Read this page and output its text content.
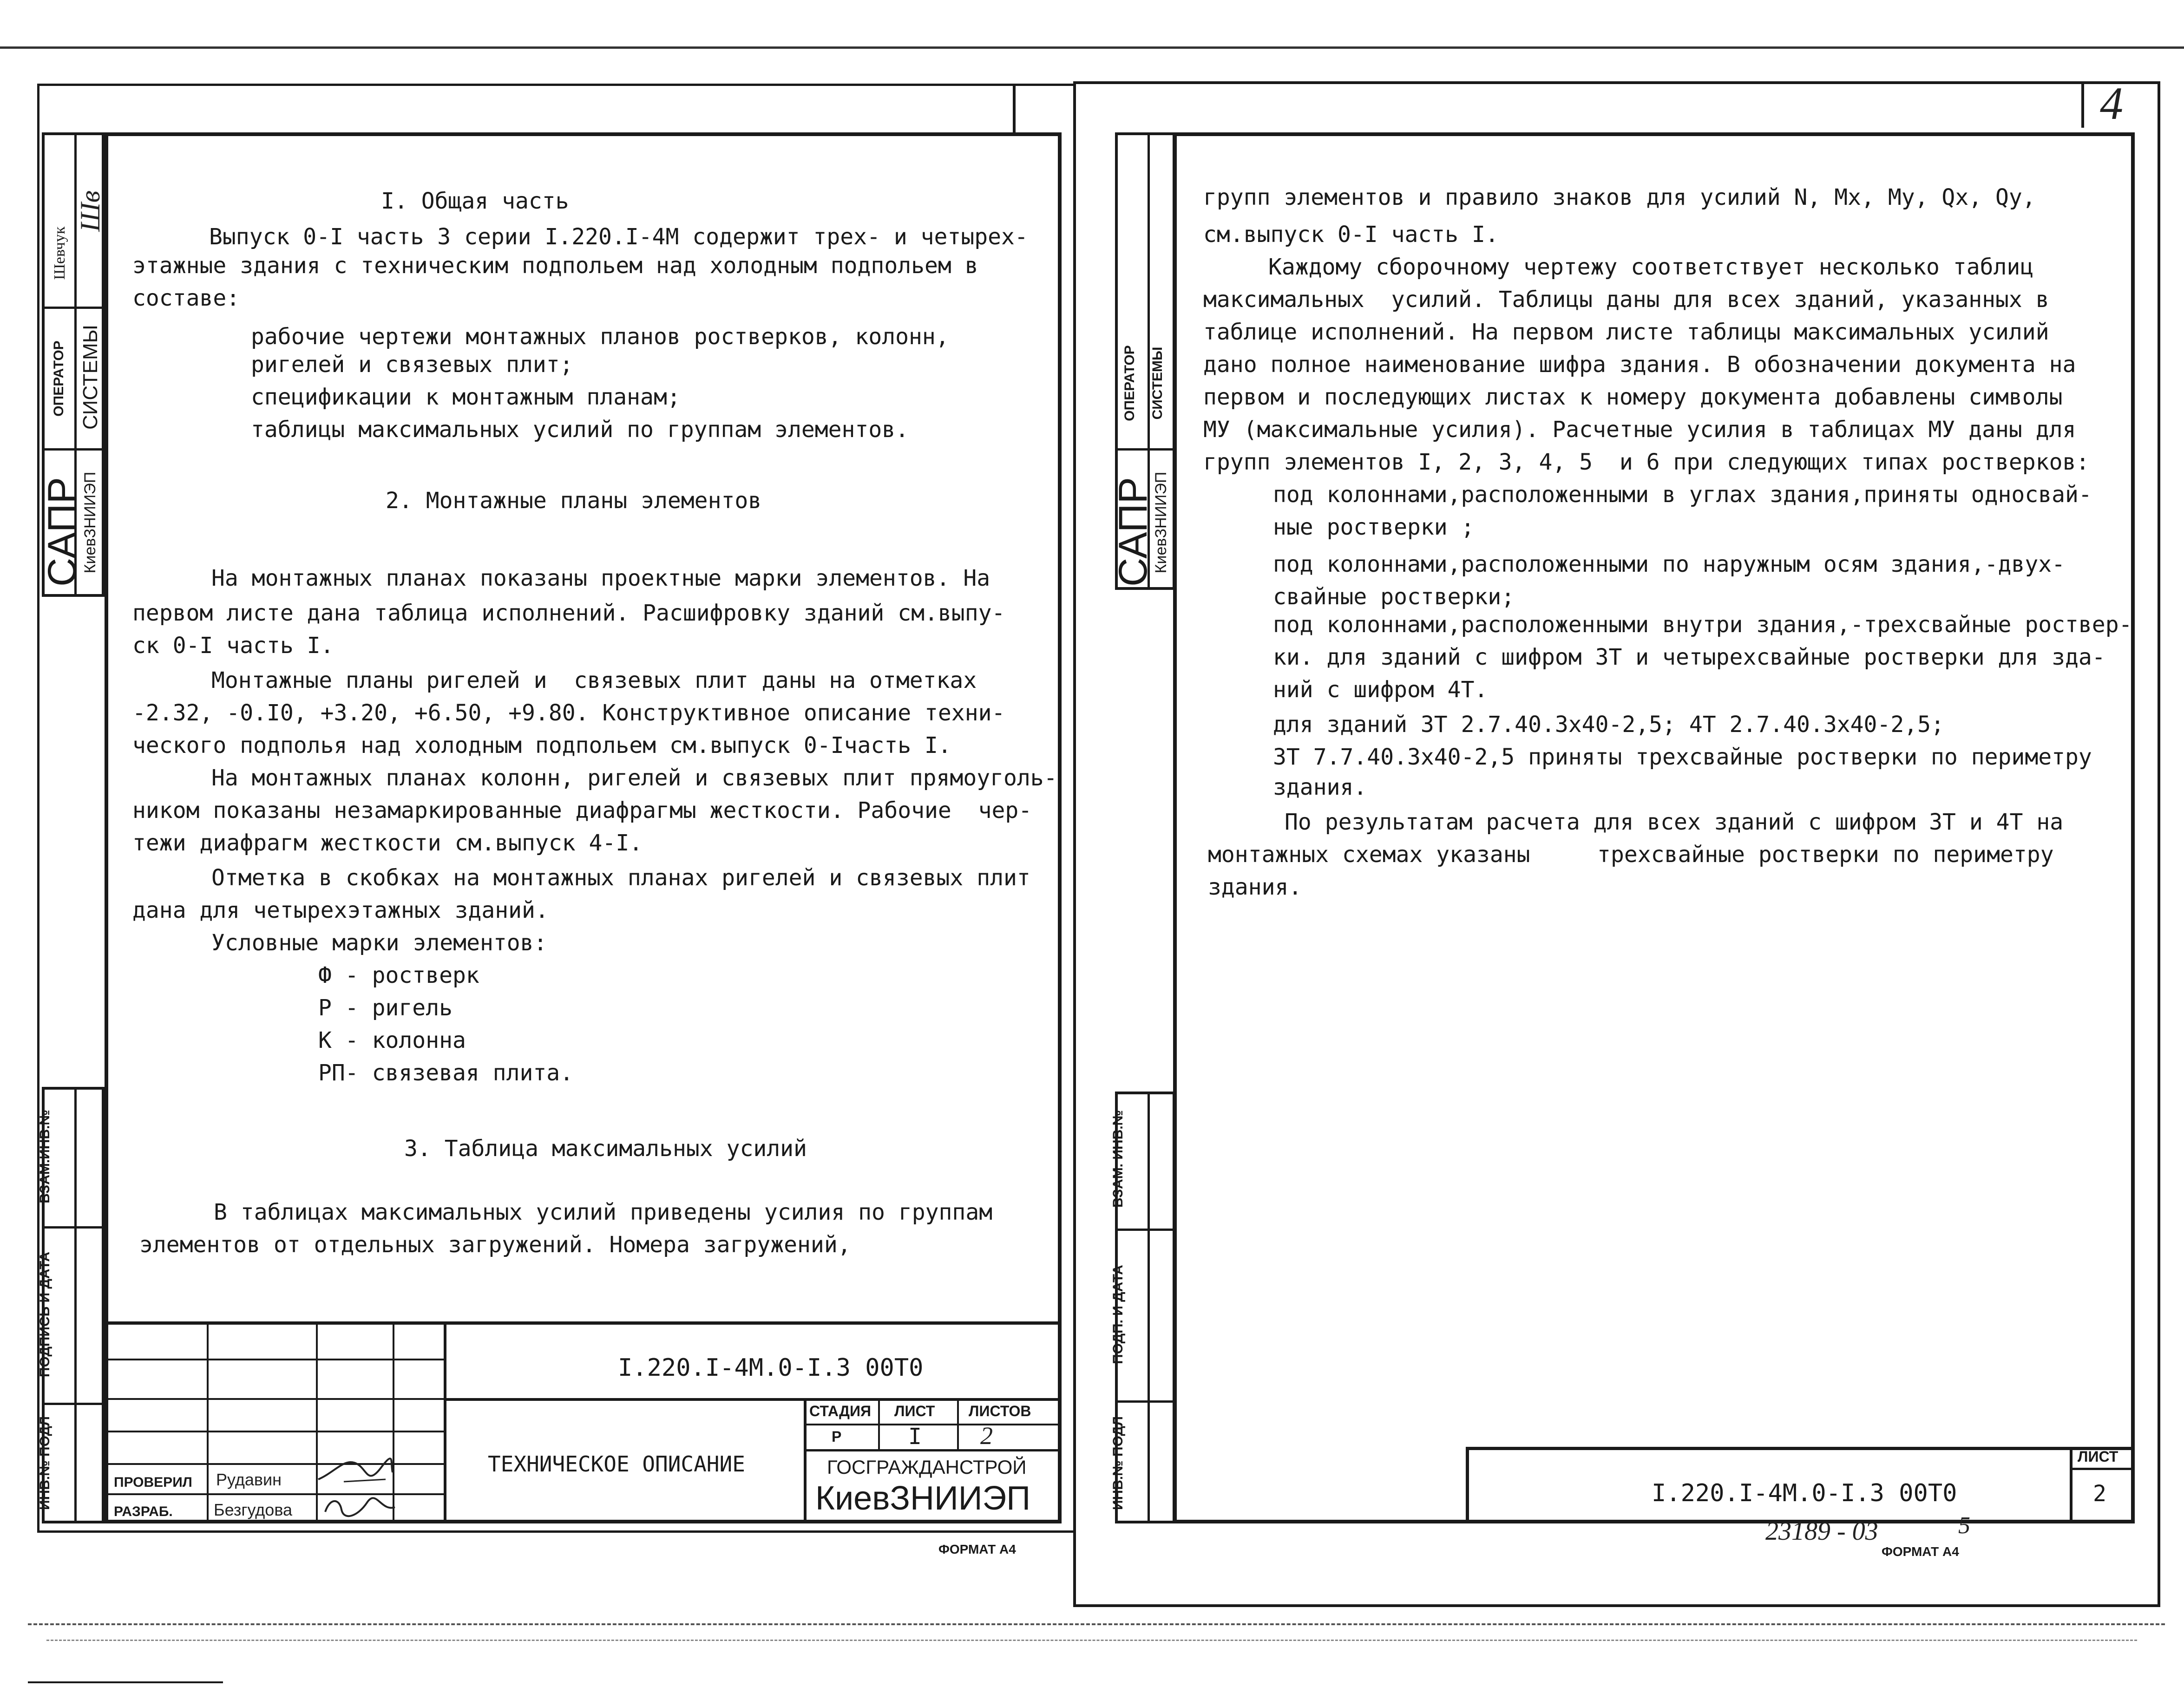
Шевчук
Шв
ОПЕРАТОР СИСТЕМЫ
САПР
КиевЗНИИЭП
ВЗАМ.ИНВ.№
ПОДПИСЬ И ДАТА
ИНВ.№ ПОДЛ
I. Общая часть
Выпуск 0-I часть 3 серии I.220.I-4M содержит трех- и четырех-
этажные здания с техническим подпольем над холодным подпольем в
составе:
рабочие чертежи монтажных планов ростверков, колонн,
ригелей и связевых плит;
спецификации к монтажным планам;
таблицы максимальных усилий по группам элементов.
2. Монтажные планы элементов
На монтажных планах показаны проектные марки элементов. На
первом листе дана таблица исполнений. Расшифровку зданий см.выпу-
ск 0-I часть I.
Монтажные планы ригелей и  связевых плит даны на отметках
-2.32, -0.I0, +3.20, +6.50, +9.80. Конструктивное описание техни-
ческого подполья над холодным подпольем см.выпуск 0-Iчасть I.
На монтажных планах колонн, ригелей и связевых плит прямоуголь-
ником показаны незамаркированные диафрагмы жесткости. Рабочие  чер-
тежи диафрагм жесткости см.выпуск 4-I.
Отметка в скобках на монтажных планах ригелей и связевых плит
дана для четырехэтажных зданий.
Условные марки элементов:
Ф - ростверк
Р - ригель
К - колонна
РП- связевая плита.
3. Таблица максимальных усилий
В таблицах максимальных усилий приведены усилия по группам
элементов от отдельных загружений. Номера загружений,
ПРОВЕРИЛ Рудавин
РАЗРАБ. Безгудова
I.220.I-4M.0-I.3 00Т0
ТЕХНИЧЕСКОЕ ОПИСАНИЕ
СТАДИЯ ЛИСТ ЛИСТОВ
Р	I 2
ГОСГРАЖДАНСТРОЙ
КиевЗНИИЭП
ФОРМАТ А4
4
ОПЕРАТОР СИСТЕМЫ
САПР
КиевЗНИИЭП
ВЗАМ. ИНВ.№
ПОДП. И ДАТА
ИНВ.№ ПОДЛ
групп элементов и правило знаков для усилий N, Mx, My, Qx, Qy,
см.выпуск 0-I часть I.
Каждому сборочному чертежу соответствует несколько таблиц
максимальных  усилий. Таблицы даны для всех зданий, указанных в
таблице исполнений. На первом листе таблицы максимальных усилий
дано полное наименование шифра здания. В обозначении документа на
первом и последующих листах к номеру документа добавлены символы
МУ (максимальные усилия). Расчетные усилия в таблицах МУ даны для
групп элементов I, 2, 3, 4, 5  и 6 при следующих типах ростверков:
под колоннами,расположенными в углах здания,приняты односвай-
ные ростверки ;
под колоннами,расположенными по наружным осям здания,-двух-
свайные ростверки;
под колоннами,расположенными внутри здания,-трехсвайные роствер-
ки. для зданий с шифром 3Т и четырехсвайные ростверки для зда-
ний с шифром 4Т.
для зданий 3Т 2.7.40.3х40-2,5; 4Т 2.7.40.3х40-2,5;
3Т 7.7.40.3х40-2,5 приняты трехсвайные ростверки по периметру
здания.
По результатам расчета для всех зданий с шифром 3Т и 4Т на
монтажных схемах указаны     трехсвайные ростверки по периметру
здания.
ЛИСТ
2
I.220.I-4M.0-I.3 00Т0
23189 - 03	5
ФОРМАТ А4
